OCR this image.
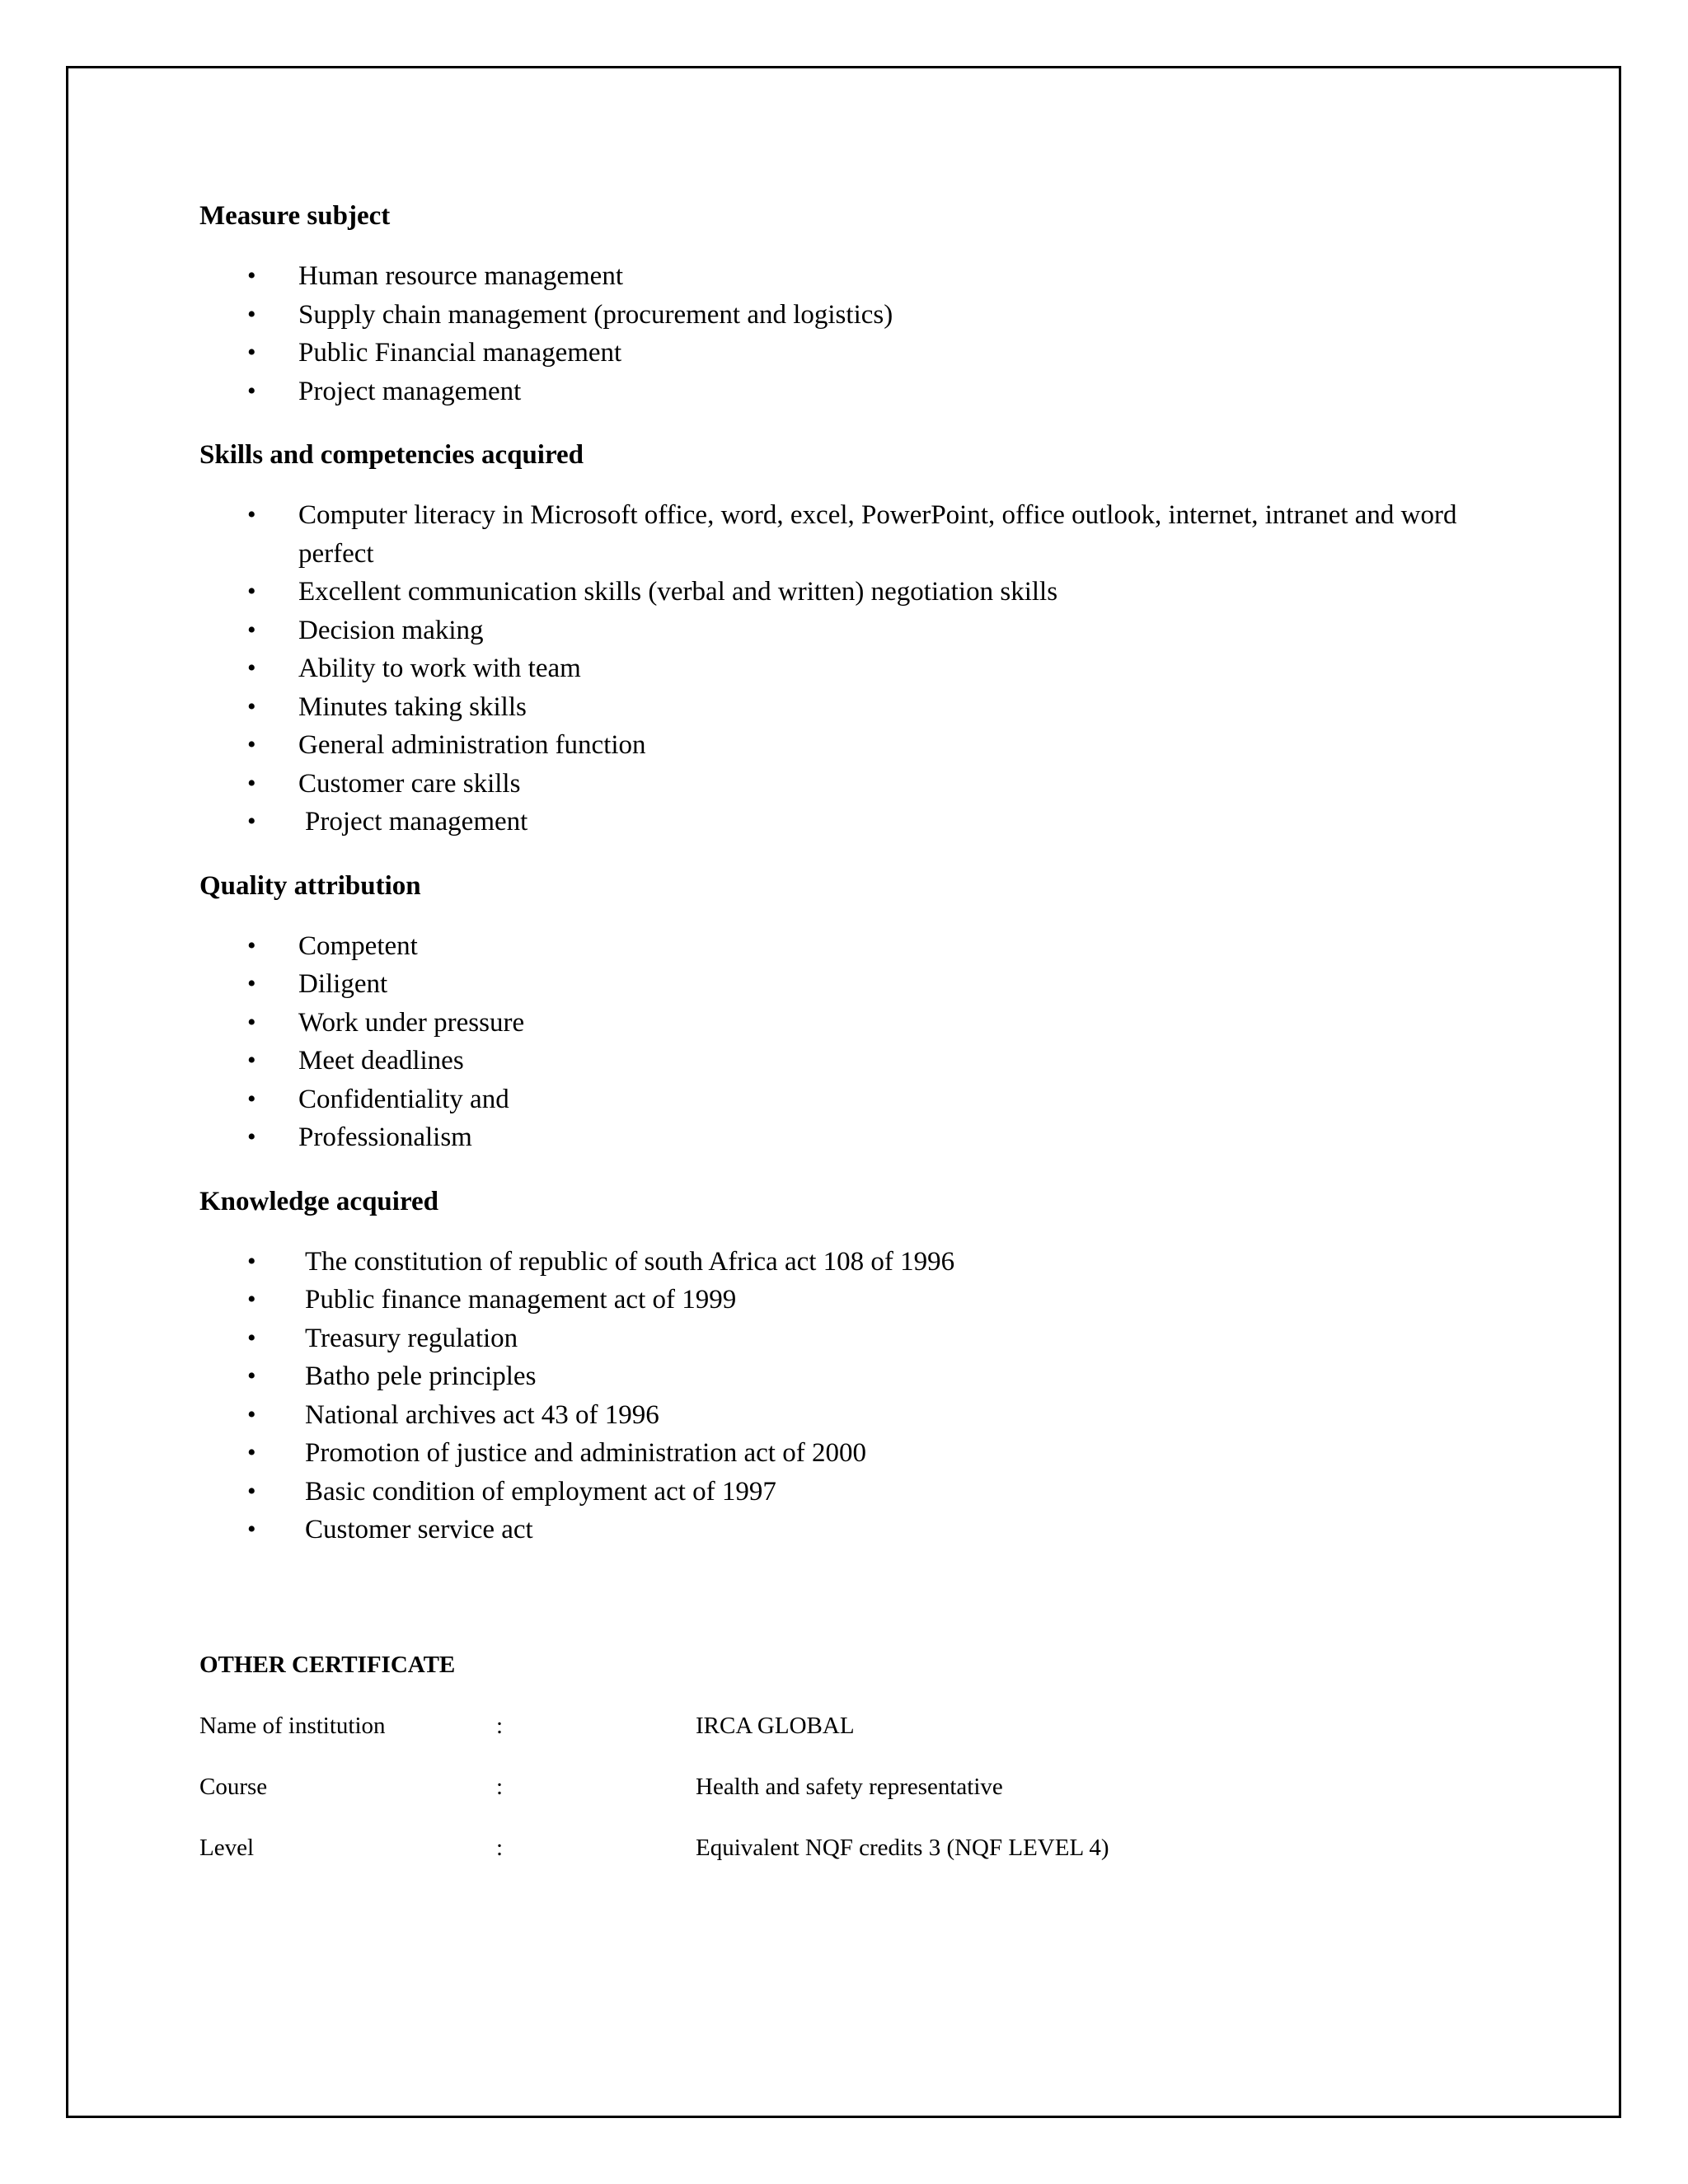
Measure subject
• Human resource management
• Supply chain management (procurement and logistics)
• Public Financial management
• Project management
Skills and competencies acquired
• Computer literacy in Microsoft office, word, excel, PowerPoint, office outlook, internet, intranet and word perfect
• Excellent communication skills (verbal and written) negotiation skills
• Decision making
• Ability to work with team
• Minutes taking skills
• General administration function
• Customer care skills
• Project management
Quality attribution
• Competent
• Diligent
• Work under pressure
• Meet deadlines
• Confidentiality and
• Professionalism
Knowledge acquired
• The constitution of republic of south Africa act 108 of 1996
• Public finance management act of 1999
• Treasury regulation
• Batho pele principles
• National archives act 43 of 1996
• Promotion of justice and administration act of 2000
• Basic condition of employment act of 1997
• Customer service act
OTHER CERTIFICATE
Name of institution	:	IRCA GLOBAL
Course	:	Health and safety representative
Level	:	Equivalent NQF credits 3 (NQF LEVEL 4)
